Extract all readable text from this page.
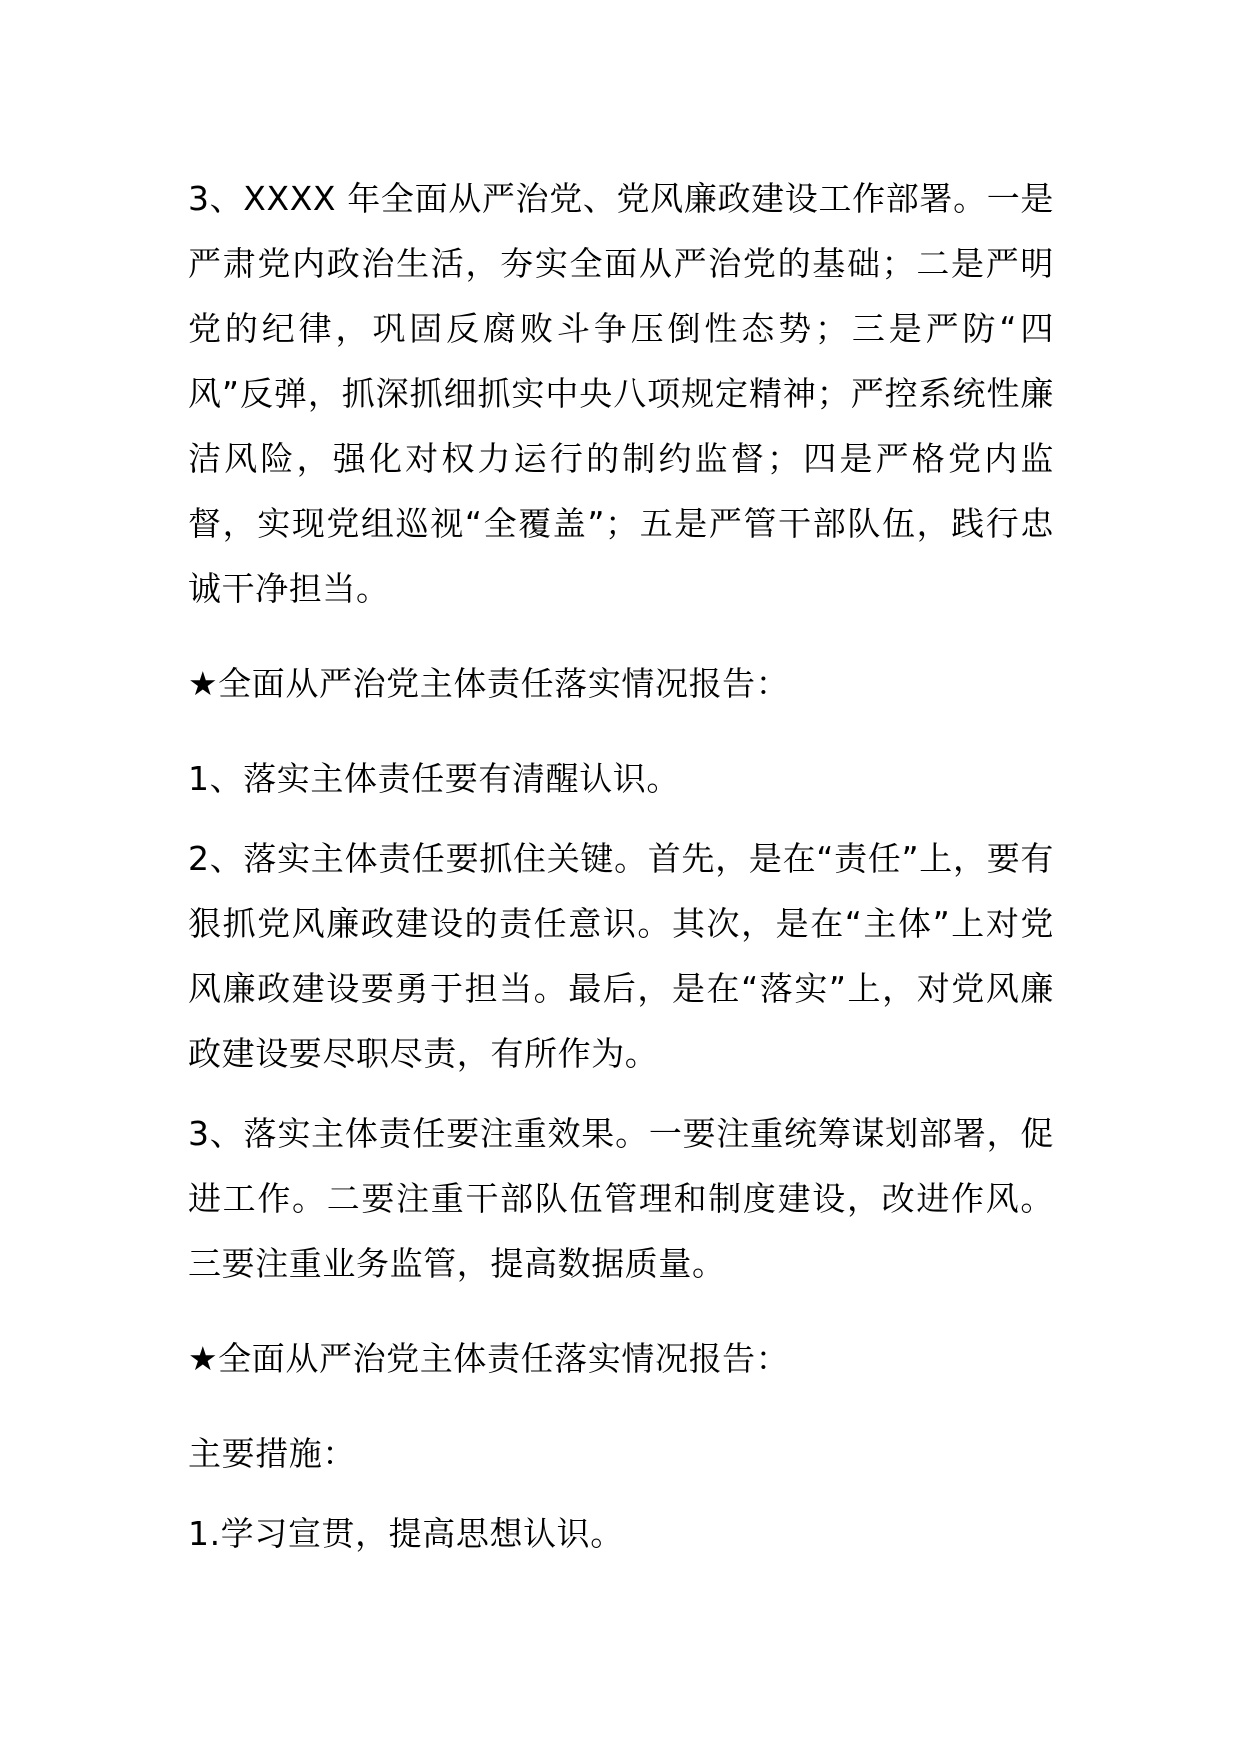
3、XXXX 年全面从严治党、党风廉政建设工作部署。一是严肃党内政治生活，夯实全面从严治党的基础；二是严明党的纪律，巩固反腐败斗争压倒性态势；三是严防“四风”反弹，抓深抓细抓实中央八项规定精神；严控系统性廉洁风险，强化对权力运行的制约监督；四是严格党内监督，实现党组巡视“全覆盖”；五是严管干部队伍，践行忠诚干净担当。

★全面从严治党主体责任落实情况报告：

1、落实主体责任要有清醒认识。

2、落实主体责任要抓住关键。首先，是在“责任”上，要有狠抓党风廉政建设的责任意识。其次，是在“主体”上对党风廉政建设要勇于担当。最后，是在“落实”上，对党风廉政建设要尽职尽责，有所作为。

3、落实主体责任要注重效果。一要注重统筹谋划部署，促进工作。二要注重干部队伍管理和制度建设，改进作风。三要注重业务监管，提高数据质量。

★全面从严治党主体责任落实情况报告：

主要措施：

1.学习宣贯，提高思想认识。
